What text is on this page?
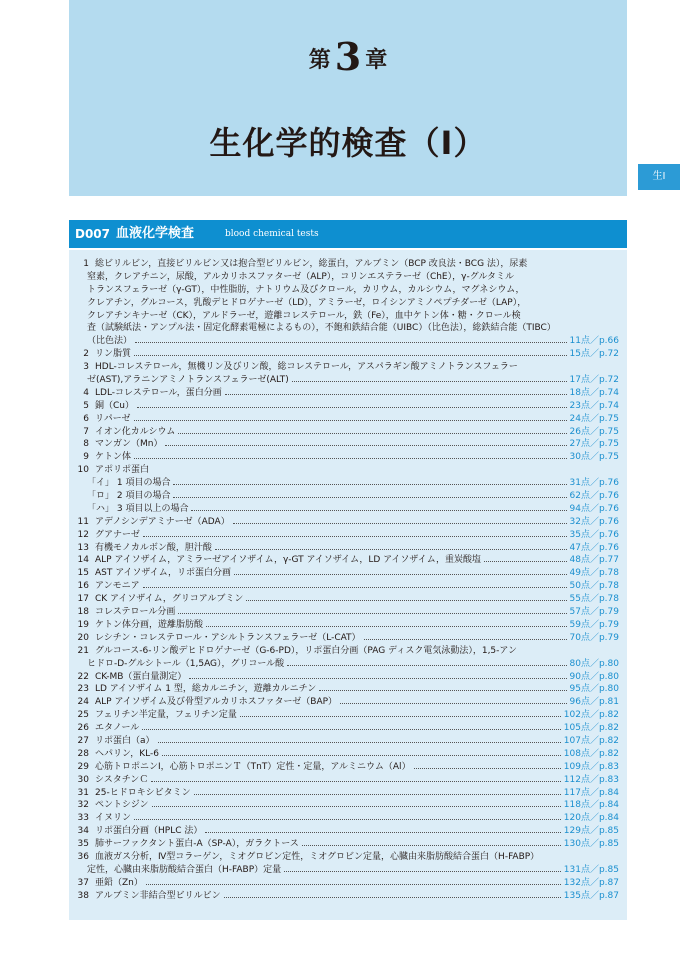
第 3 章
生化学的検査（Ⅰ）
生Ⅰ
D007 血液化学検査	blood chemical tests
1 総ビリルビン，直接ビリルビン又は抱合型ビリルビン，総蛋白，アルブミン（BCP 改良法・BCG 法），尿素
窒素，クレアチニン，尿酸，アルカリホスファターゼ（ALP），コリンエステラーゼ（ChE），γ-グルタミル
トランスフェラーゼ（γ-GT），中性脂肪，ナトリウム及びクロール，カリウム，カルシウム，マグネシウム，
クレアチン，グルコース，乳酸デヒドロゲナーゼ（LD），アミラーゼ，ロイシンアミノペプチダーゼ（LAP），
クレアチンキナーゼ（CK），アルドラーゼ，遊離コレステロール，鉄（Fe），血中ケトン体・糖・クロール検
査（試験紙法・アンプル法・固定化酵素電極によるもの），不飽和鉄結合能（UIBC）（比色法），総鉄結合能（TIBC）
（比色法）	11点／p.66
2 リン脂質	15点／p.72
3 HDL-コレステロール，無機リン及びリン酸，総コレステロール，アスパラギン酸アミノトランスフェラー
ゼ(AST),アラニンアミノトランスフェラーゼ(ALT)	17点／p.72
4 LDL-コレステロール，蛋白分画	18点／p.74
5 銅（Cu）	23点／p.74
6 リパーゼ	24点／p.75
7 イオン化カルシウム	26点／p.75
8 マンガン（Mn）	27点／p.75
9 ケトン体	30点／p.75
10 アポリポ蛋白
「イ」 1 項目の場合	31点／p.76
「ロ」 2 項目の場合	62点／p.76
「ハ」 3 項目以上の場合	94点／p.76
11 アデノシンデアミナーゼ（ADA）	32点／p.76
12 グアナーゼ	35点／p.76
13 有機モノカルボン酸，胆汁酸	47点／p.76
14 ALP アイソザイム，アミラーゼアイソザイム，γ-GT アイソザイム，LD アイソザイム，重炭酸塩	48点／p.77
15 AST アイソザイム，リポ蛋白分画	49点／p.78
16 アンモニア	50点／p.78
17 CK アイソザイム，グリコアルブミン	55点／p.78
18 コレステロール分画	57点／p.79
19 ケトン体分画，遊離脂肪酸	59点／p.79
20 レシチン・コレステロール・アシルトランスフェラーゼ（L-CAT）	70点／p.79
21 グルコース-6-リン酸デヒドロゲナーゼ（G-6-PD），リポ蛋白分画（PAG ディスク電気泳動法），1,5-アン
ヒドロ-D-グルシトール（1,5AG），グリコール酸	80点／p.80
22 CK-MB（蛋白量測定）	90点／p.80
23 LD アイソザイム 1 型，総カルニチン，遊離カルニチン	95点／p.80
24 ALP アイソザイム及び骨型アルカリホスファターゼ（BAP）	96点／p.81
25 フェリチン半定量，フェリチン定量	102点／p.82
26 エタノール	105点／p.82
27 リポ蛋白（a）	107点／p.82
28 ヘパリン，KL-6	108点／p.82
29 心筋トロポニンⅠ，心筋トロポニンＴ（TnT）定性・定量，アルミニウム（Al）	109点／p.83
30 シスタチンＣ	112点／p.83
31 25-ヒドロキシビタミン	117点／p.84
32 ペントシジン	118点／p.84
33 イヌリン	120点／p.84
34 リポ蛋白分画（HPLC 法）	129点／p.85
35 肺サーファクタント蛋白-A（SP-A），ガラクトース	130点／p.85
36 血液ガス分析，Ⅳ型コラーゲン，ミオグロビン定性，ミオグロビン定量，心臓由来脂肪酸結合蛋白（H-FABP）
定性，心臓由来脂肪酸結合蛋白（H-FABP）定量	131点／p.85
37 亜鉛（Zn）	132点／p.87
38 アルブミン非結合型ビリルビン	135点／p.87
